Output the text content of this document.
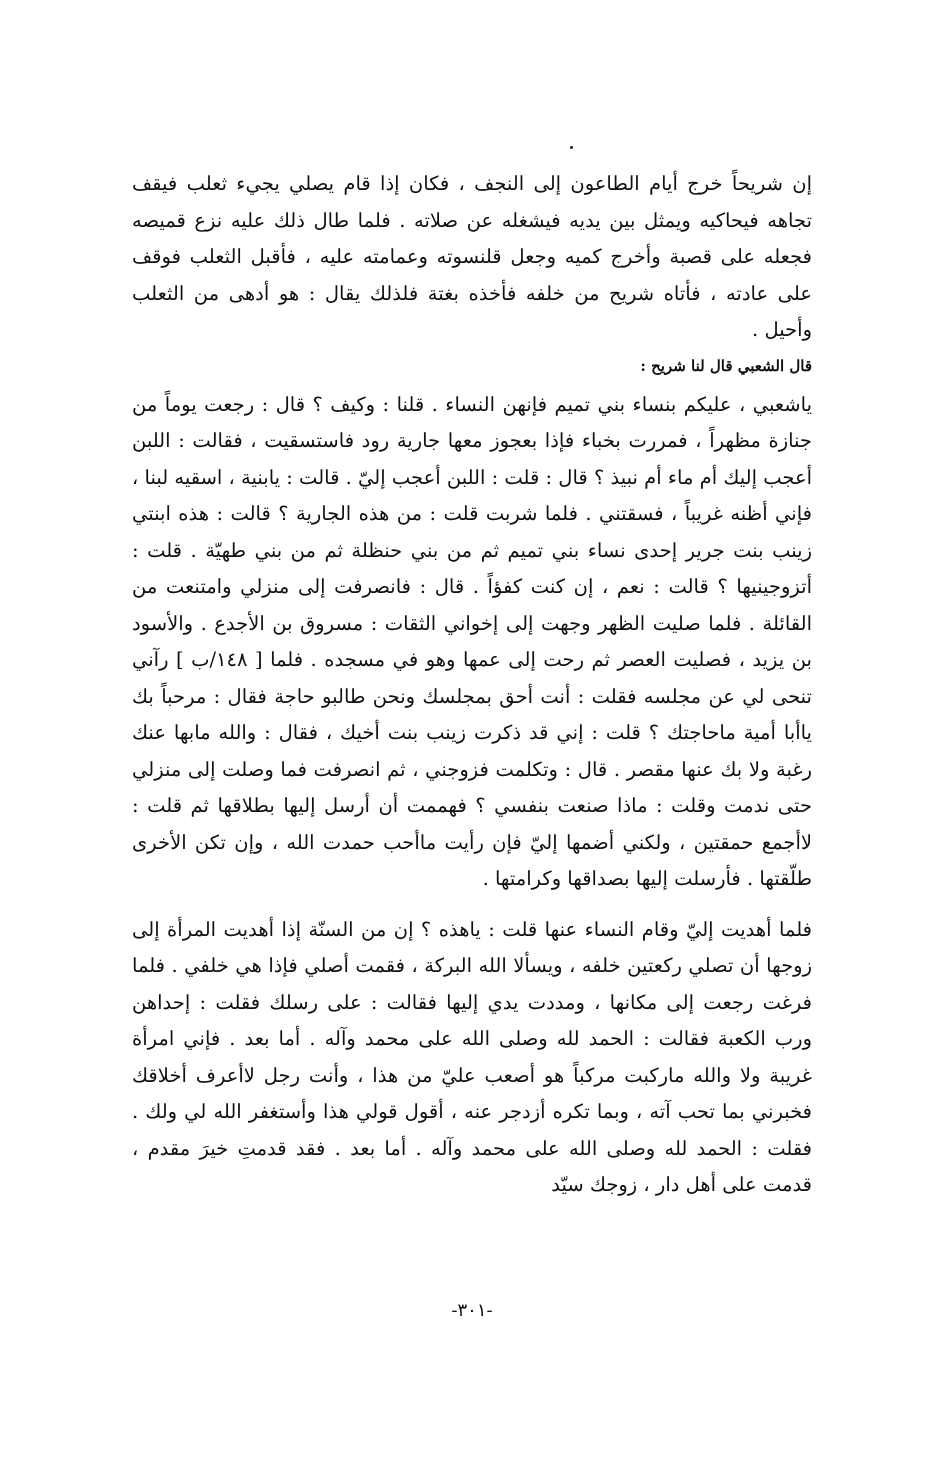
إن شريحاً خرج أيام الطاعون إلى النجف ، فكان إذا قام يصلي يجيء ثعلب فيقف تجاهه فيحاكيه ويمثل بين يديه فيشغله عن صلاته . فلما طال ذلك عليه نزع قميصه فجعله على قصبة وأخرج كميه وجعل قلنسوته وعمامته عليه ، فأقبل الثعلب فوقف على عادته ، فأتاه شريح من خلفه فأخذه بغتة فلذلك يقال : هو أدهى من الثعلب وأحيل .

قال الشعبي قال لنا شريح :

ياشعبي ، عليكم بنساء بني تميم فإنهن النساء . قلنا : وكيف ؟ قال : رجعت يوماً من جنازة مظهراً ، فمررت بخباء فإذا بعجوز معها جارية رود فاستسقيت ، فقالت : اللبن أعجب إليك أم ماء أم نبيذ ؟ قال : قلت : اللبن أعجب إليّ . قالت : يابنية ، اسقيه لبنا ، فإني أظنه غريباً ، فسقتني . فلما شربت قلت : من هذه الجارية ؟ قالت : هذه ابنتي زينب بنت جرير إحدى نساء بني تميم ثم من بني حنظلة ثم من بني طهيّة . قلت : أتزوجينيها ؟ قالت : نعم ، إن كنت كفؤاً . قال : فانصرفت إلى منزلي وامتنعت من القائلة . فلما صليت الظهر وجهت إلى إخواني الثقات : مسروق بن الأجدع . والأسود بن يزيد ، فصليت العصر ثم رحت إلى عمها وهو في مسجده . فلما [ ١٤٨/ب ] رآني تنحى لي عن مجلسه فقلت : أنت أحق بمجلسك ونحن طالبو حاجة فقال : مرحباً بك ياأبا أمية ماحاجتك ؟ قلت : إني قد ذكرت زينب بنت أخيك ، فقال : والله مابها عنك رغبة ولا بك عنها مقصر . قال : وتكلمت فزوجني ، ثم انصرفت فما وصلت إلى منزلي حتى ندمت وقلت : ماذا صنعت بنفسي ؟ فهممت أن أرسل إليها بطلاقها ثم قلت : لاأجمع حمقتين ، ولكني أضمها إليّ فإن رأيت ماأحب حمدت الله ، وإن تكن الأخرى طلّقتها . فأرسلت إليها بصداقها وكرامتها .

فلما أهديت إليّ وقام النساء عنها قلت : ياهذه ؟ إن من السنّة إذا أهديت المرأة إلى زوجها أن تصلي ركعتين خلفه ، ويسألا الله البركة ، فقمت أصلي فإذا هي خلفي . فلما فرغت رجعت إلى مكانها ، ومددت يدي إليها فقالت : على رسلك فقلت : إحداهن ورب الكعبة فقالت : الحمد لله وصلى الله على محمد وآله . أما بعد . فإني امرأة غريبة ولا والله ماركبت مركباً هو أصعب عليّ من هذا ، وأنت رجل لاأعرف أخلاقك فخبرني بما تحب آته ، وبما تكره أزدجر عنه ، أقول قولي هذا وأستغفر الله لي ولك . فقلت : الحمد لله وصلى الله على محمد وآله . أما بعد . فقد قدمتِ خيرَ مقدم ، قدمت على أهل دار ، زوجك سيّد

-٣٠١-
